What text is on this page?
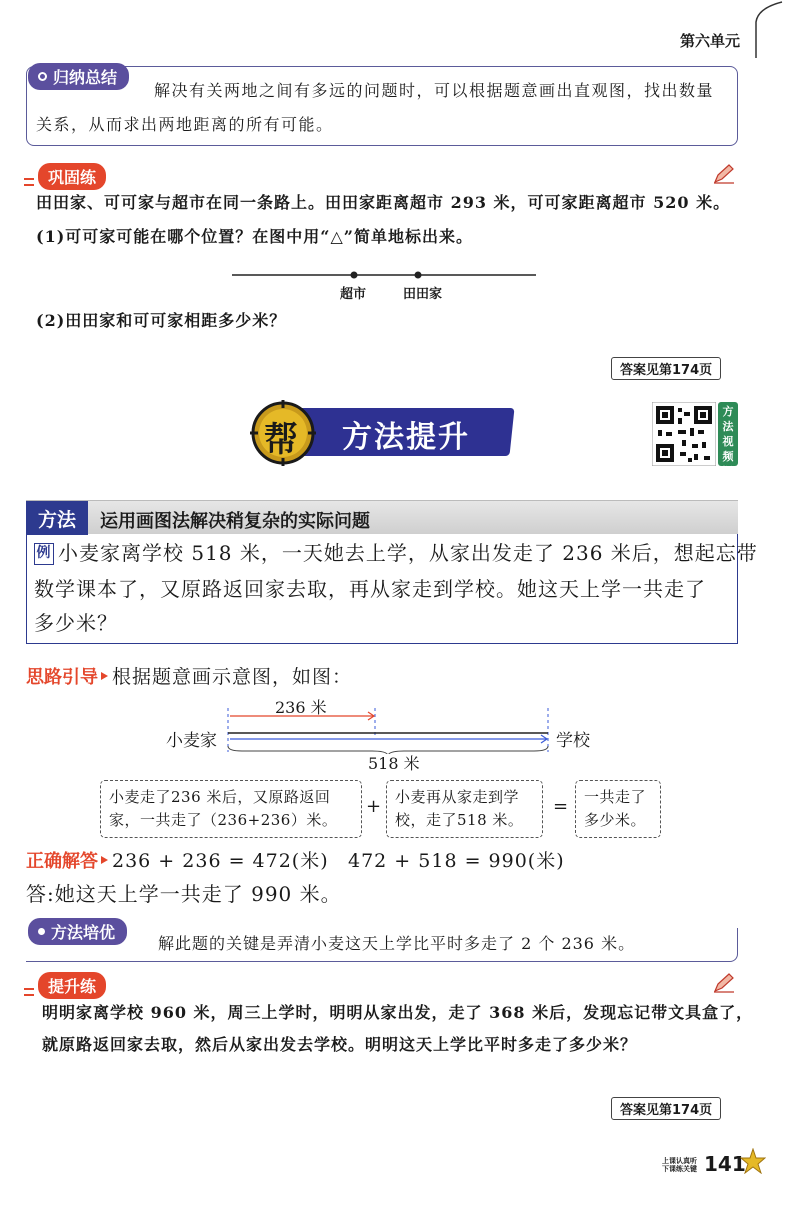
第六单元
归纳总结
解决有关两地之间有多远的问题时，可以根据题意画出直观图，找出数量
关系，从而求出两地距离的所有可能。
巩固练
田田家、可可家与超市在同一条路上。田田家距离超市 293 米，可可家距离超市 520 米。
(1)可可家可能在哪个位置？在图中用“△”简单地标出来。
超市	田田家
(2)田田家和可可家相距多少米？
答案见第174页
帮 方法提升
方法视频课
方法	运用画图法解决稍复杂的实际问题
例 小麦家离学校 518 米，一天她去上学，从家出发走了 236 米后，想起忘带
数学课本了，又原路返回家去取，再从家走到学校。她这天上学一共走了
多少米？
思路引导 根据题意画示意图，如图：
236 米
小麦家	学校
518 米
小麦走了236 米后，又原路返回
家，一共走了（236+236）米。
+ 小麦再从家走到学
校，走了518 米。
= 一共走了
多少米。
正确解答 236 + 236 = 472(米) 472 + 518 = 990(米)
答:她这天上学一共走了 990 米。
方法培优
解此题的关键是弄清小麦这天上学比平时多走了 2 个 236 米。
提升练
明明家离学校 960 米，周三上学时，明明从家出发，走了 368 米后，发现忘记带文具盒了，
就原路返回家去取，然后从家出发去学校。明明这天上学比平时多走了多少米？
答案见第174页
上课认真听
下课练关键 141
